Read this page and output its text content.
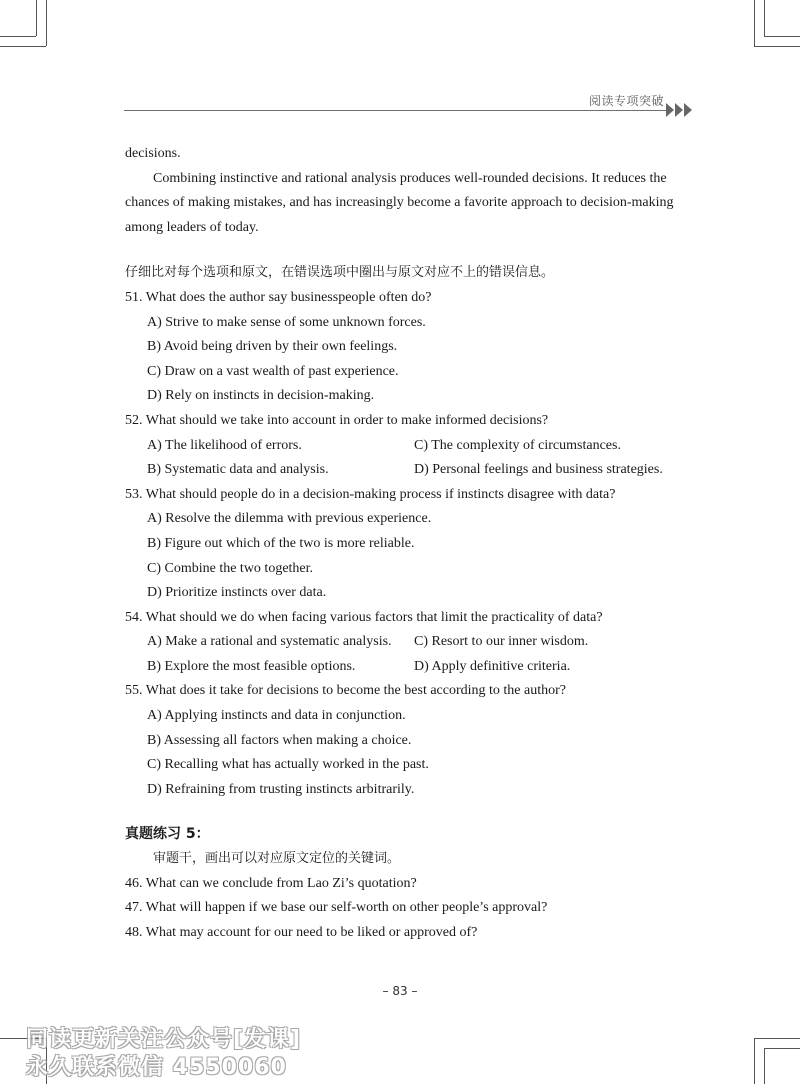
阅读专项突破
decisions.
Combining instinctive and rational analysis produces well-rounded decisions. It reduces the
chances of making mistakes, and has increasingly become a favorite approach to decision-making
among leaders of today.
仔细比对每个选项和原文，在错误选项中圈出与原文对应不上的错误信息。
51. What does the author say businesspeople often do?
A) Strive to make sense of some unknown forces.
B) Avoid being driven by their own feelings.
C) Draw on a vast wealth of past experience.
D) Rely on instincts in decision-making.
52. What should we take into account in order to make informed decisions?
A) The likelihood of errors.	C) The complexity of circumstances.
B) Systematic data and analysis.	D) Personal feelings and business strategies.
53. What should people do in a decision-making process if instincts disagree with data?
A) Resolve the dilemma with previous experience.
B) Figure out which of the two is more reliable.
C) Combine the two together.
D) Prioritize instincts over data.
54. What should we do when facing various factors that limit the practicality of data?
A) Make a rational and systematic analysis.	C) Resort to our inner wisdom.
B) Explore the most feasible options.	D) Apply definitive criteria.
55. What does it take for decisions to become the best according to the author?
A) Applying instincts and data in conjunction.
B) Assessing all factors when making a choice.
C) Recalling what has actually worked in the past.
D) Refraining from trusting instincts arbitrarily.
真题练习 5：
审题干，画出可以对应原文定位的关键词。
46. What can we conclude from Lao Zi’s quotation?
47. What will happen if we base our self-worth on other people’s approval?
48. What may account for our need to be liked or approved of?
– 83 –
同读更新关注公众号[发课]
永久联系微信 4550060
